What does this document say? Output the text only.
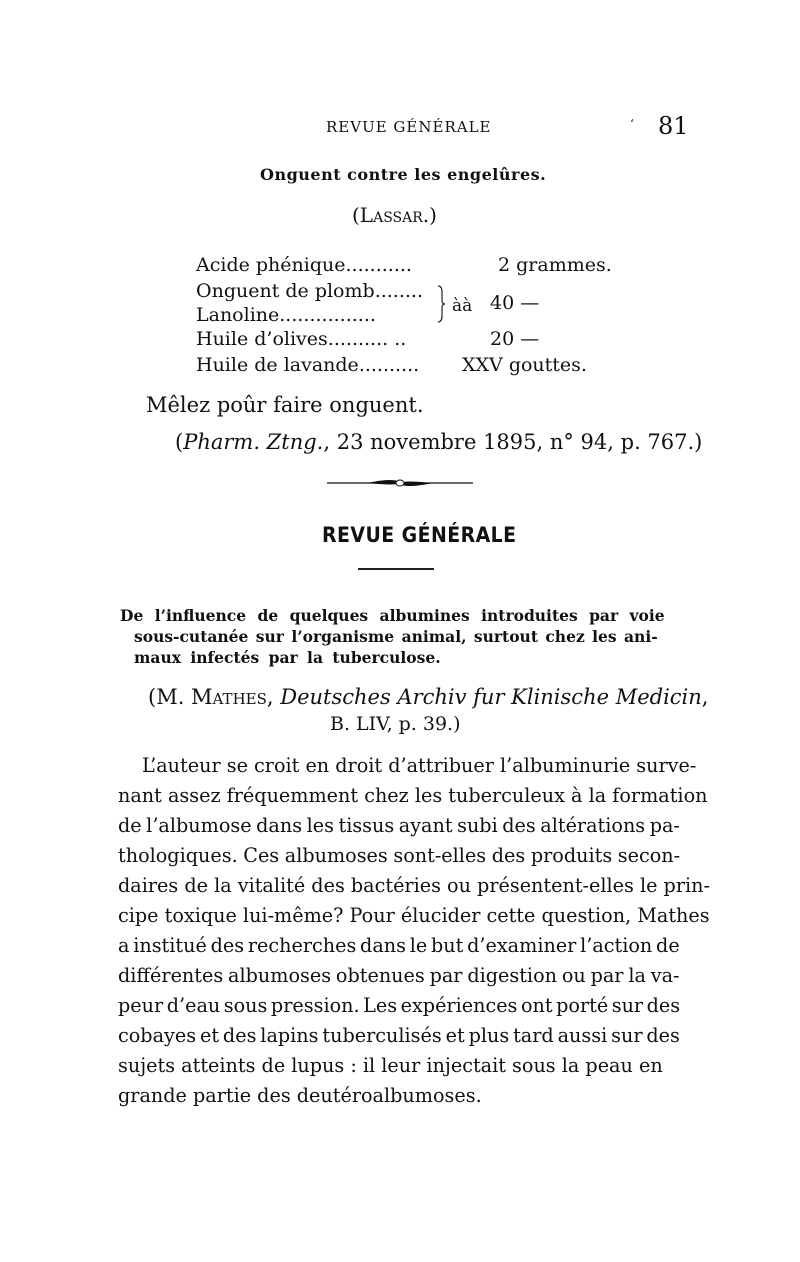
REVUE GÉNÉRALE	‘ 81
Onguent contre les engelûres.
(Lassar.)
Acide phénique ...........	2 grammes.
Onguent de plomb ........
Lanoline ................	àà 40 —
Huile d’olives .......... ..	20 —
Huile de lavande .......... XXV gouttes.
Mêlez poûr faire onguent.
(Pharm. Ztng., 23 novembre 1895, n° 94, p. 767.)
REVUE GÉNÉRALE
De l’influence de quelques albumines introduites par voie
sous-cutanée sur l’organisme animal, surtout chez les ani-
maux infectés par la tuberculose.
(M. Mathes, Deutsches Archiv fur Klinische Medicin,
B. LIV, p. 39.)
L’auteur se croit en droit d’attribuer l’albuminurie surve-
nant assez fréquemment chez les tuberculeux à la formation
de l’albumose dans les tissus ayant subi des altérations pa-
thologiques. Ces albumoses sont-elles des produits secon-
daires de la vitalité des bactéries ou présentent-elles le prin-
cipe toxique lui-même? Pour élucider cette question, Mathes
a institué des recherches dans le but d’examiner l’action de
différentes albumoses obtenues par digestion ou par la va-
peur d’eau sous pression. Les expériences ont porté sur des
cobayes et des lapins tuberculisés et plus tard aussi sur des
sujets atteints de lupus : il leur injectait sous la peau en
grande partie des deutéroalbumoses.
